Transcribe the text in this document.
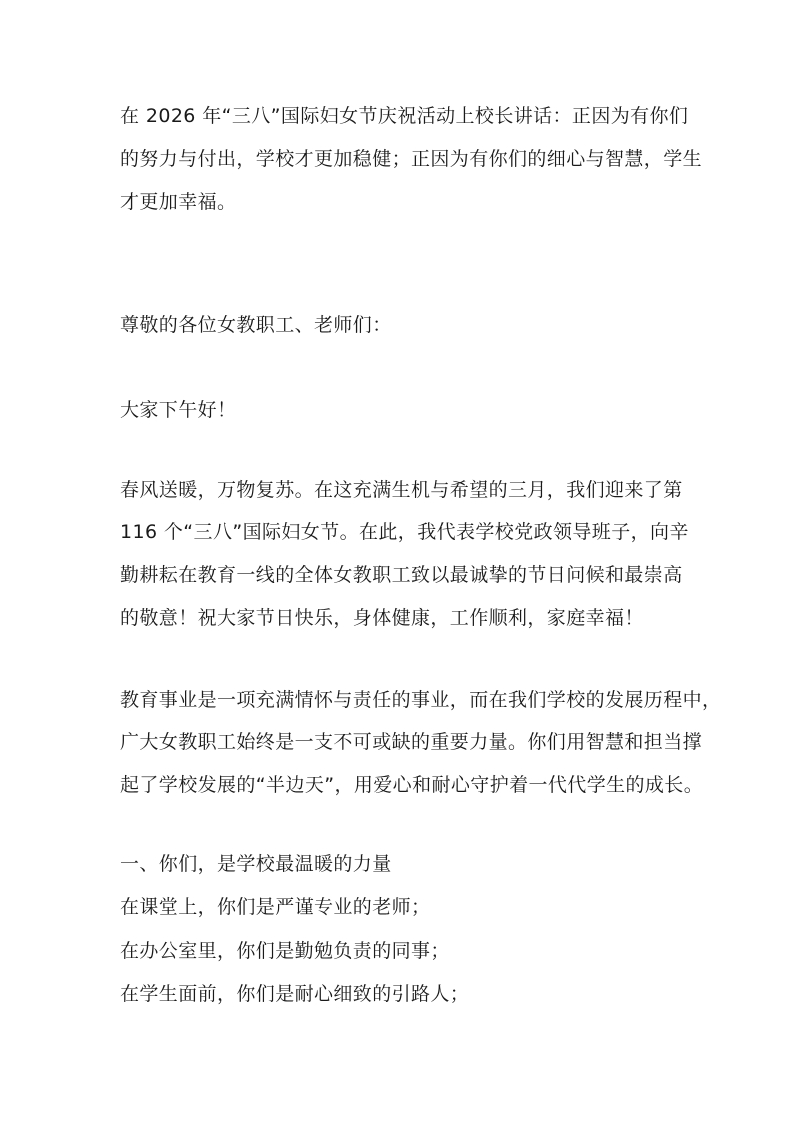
在 2026 年“三八”国际妇女节庆祝活动上校长讲话：正因为有你们
的努力与付出，学校才更加稳健；正因为有你们的细心与智慧，学生
才更加幸福。
尊敬的各位女教职工、老师们：
大家下午好！
春风送暖，万物复苏。在这充满生机与希望的三月，我们迎来了第
116 个“三八”国际妇女节。在此，我代表学校党政领导班子，向辛
勤耕耘在教育一线的全体女教职工致以最诚挚的节日问候和最崇高
的敬意！祝大家节日快乐，身体健康，工作顺利，家庭幸福！
教育事业是一项充满情怀与责任的事业，而在我们学校的发展历程中，
广大女教职工始终是一支不可或缺的重要力量。你们用智慧和担当撑
起了学校发展的“半边天”，用爱心和耐心守护着一代代学生的成长。
一、你们，是学校最温暖的力量
在课堂上，你们是严谨专业的老师；
在办公室里，你们是勤勉负责的同事；
在学生面前，你们是耐心细致的引路人；
